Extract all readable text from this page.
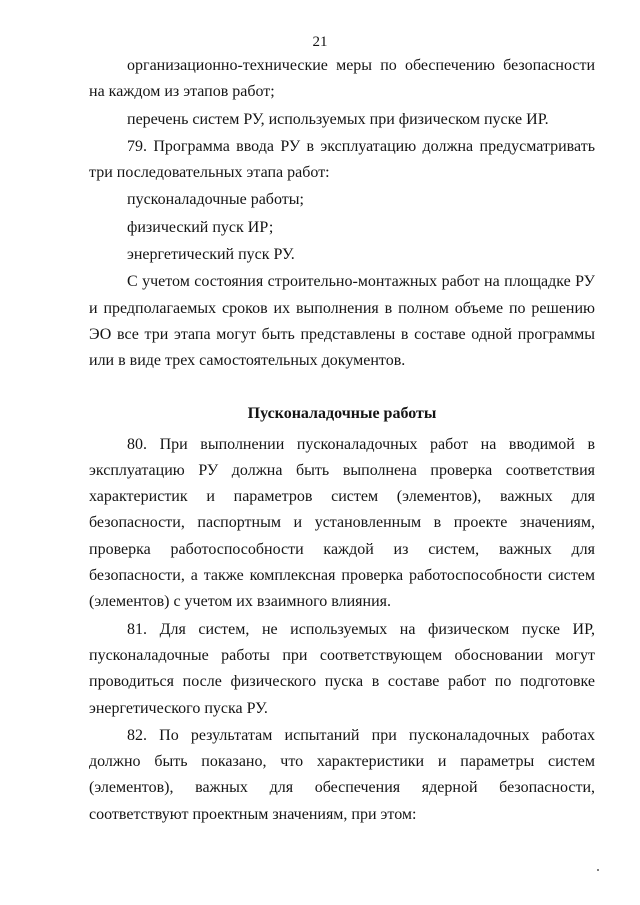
21

организационно-технические меры по обеспечению безопасности

на каждом из этапов работ;

перечень систем РУ, используемых при физическом пуске ИР.

79. Программа ввода РУ в эксплуатацию должна предусматривать три последовательных этапа работ:

пусконаладочные работы;

физический пуск ИР;

энергетический пуск РУ.

С учетом состояния строительно-монтажных работ на площадке РУ и предполагаемых сроков их выполнения в полном объеме по решению ЭО все три этапа могут быть представлены в составе одной программы или в виде трех самостоятельных документов.

Пусконаладочные работы

80. При выполнении пусконаладочных работ на вводимой в эксплуатацию РУ должна быть выполнена проверка соответствия характеристик и параметров систем (элементов), важных для безопасности, паспортным и установленным в проекте значениям, проверка работоспособности каждой из систем, важных для безопасности, а также комплексная проверка работоспособности систем (элементов) с учетом их взаимного влияния.

81. Для систем, не используемых на физическом пуске ИР, пусконаладочные работы при соответствующем обосновании могут проводиться после физического пуска в составе работ по подготовке энергетического пуска РУ.

82. По результатам испытаний при пусконаладочных работах должно быть показано, что характеристики и параметры систем (элементов), важных для обеспечения ядерной безопасности, соответствуют проектным значениям, при этом:
